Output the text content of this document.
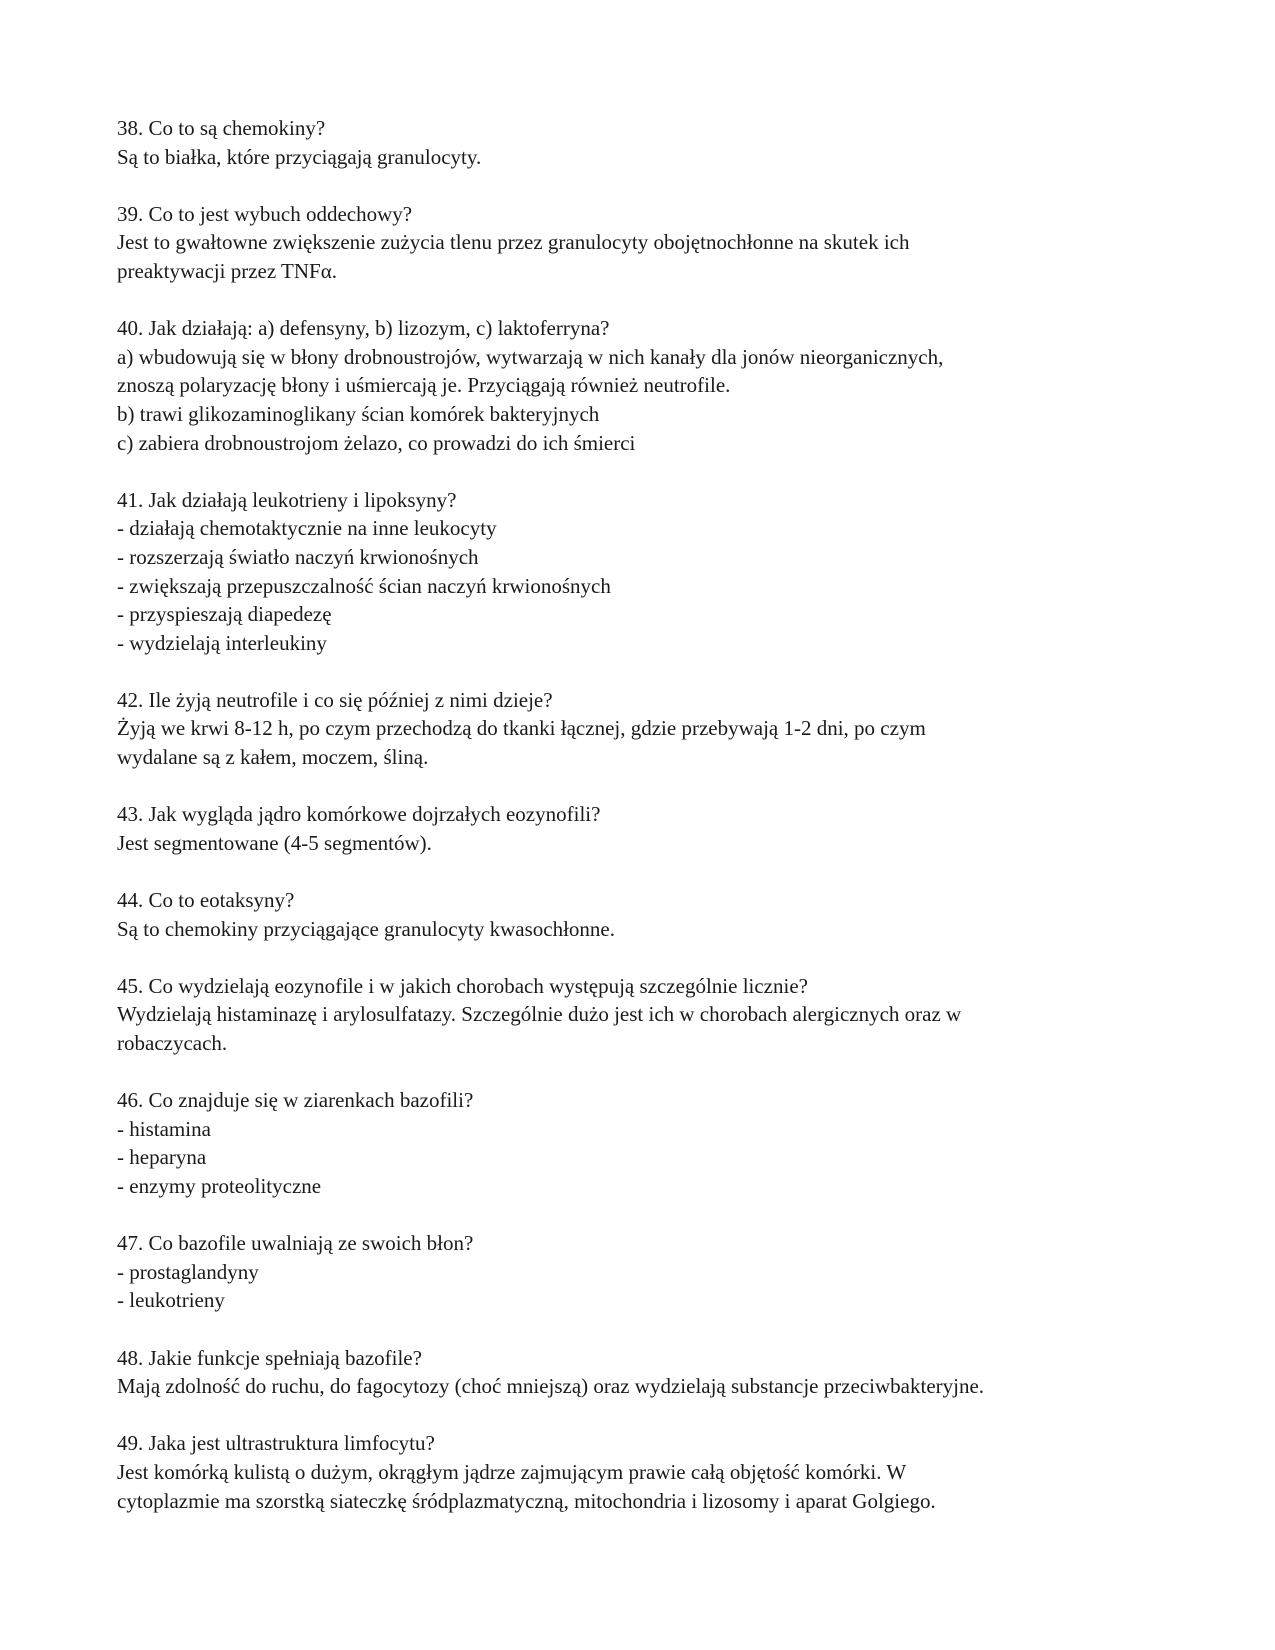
38. Co to są chemokiny?
Są to białka, które przyciągają granulocyty.
39. Co to jest wybuch oddechowy?
Jest to gwałtowne zwiększenie zużycia tlenu przez granulocyty obojętnochłonne na skutek ich
preaktywacji przez TNFα.
40. Jak działają: a) defensyny, b) lizozym, c) laktoferryna?
a) wbudowują się w błony drobnoustrojów, wytwarzają w nich kanały dla jonów nieorganicznych,
znoszą polaryzację błony i uśmiercają je. Przyciągają również neutrofile.
b) trawi glikozaminoglikany ścian komórek bakteryjnych
c) zabiera drobnoustrojom żelazo, co prowadzi do ich śmierci
41. Jak działają leukotrieny i lipoksyny?
- działają chemotaktycznie na inne leukocyty
- rozszerzają światło naczyń krwionośnych
- zwiększają przepuszczalność ścian naczyń krwionośnych
- przyspieszają diapedezę
- wydzielają interleukiny
42. Ile żyją neutrofile i co się później z nimi dzieje?
Żyją we krwi 8-12 h, po czym przechodzą do tkanki łącznej, gdzie przebywają 1-2 dni, po czym
wydalane są z kałem, moczem, śliną.
43. Jak wygląda jądro komórkowe dojrzałych eozynofili?
Jest segmentowane (4-5 segmentów).
44. Co to eotaksyny?
Są to chemokiny przyciągające granulocyty kwasochłonne.
45. Co wydzielają eozynofile i w jakich chorobach występują szczególnie licznie?
Wydzielają histaminazę i arylosulfatazy. Szczególnie dużo jest ich w chorobach alergicznych oraz w
robaczycach.
46. Co znajduje się w ziarenkach bazofili?
- histamina
- heparyna
- enzymy proteolityczne
47. Co bazofile uwalniają ze swoich błon?
- prostaglandyny
- leukotrieny
48. Jakie funkcje spełniają bazofile?
Mają zdolność do ruchu, do fagocytozy (choć mniejszą) oraz wydzielają substancje przeciwbakteryjne.
49. Jaka jest ultrastruktura limfocytu?
Jest komórką kulistą o dużym, okrągłym jądrze zajmującym prawie całą objętość komórki. W
cytoplazmie ma szorstką siateczkę śródplazmatyczną, mitochondria i lizosomy i aparat Golgiego.
